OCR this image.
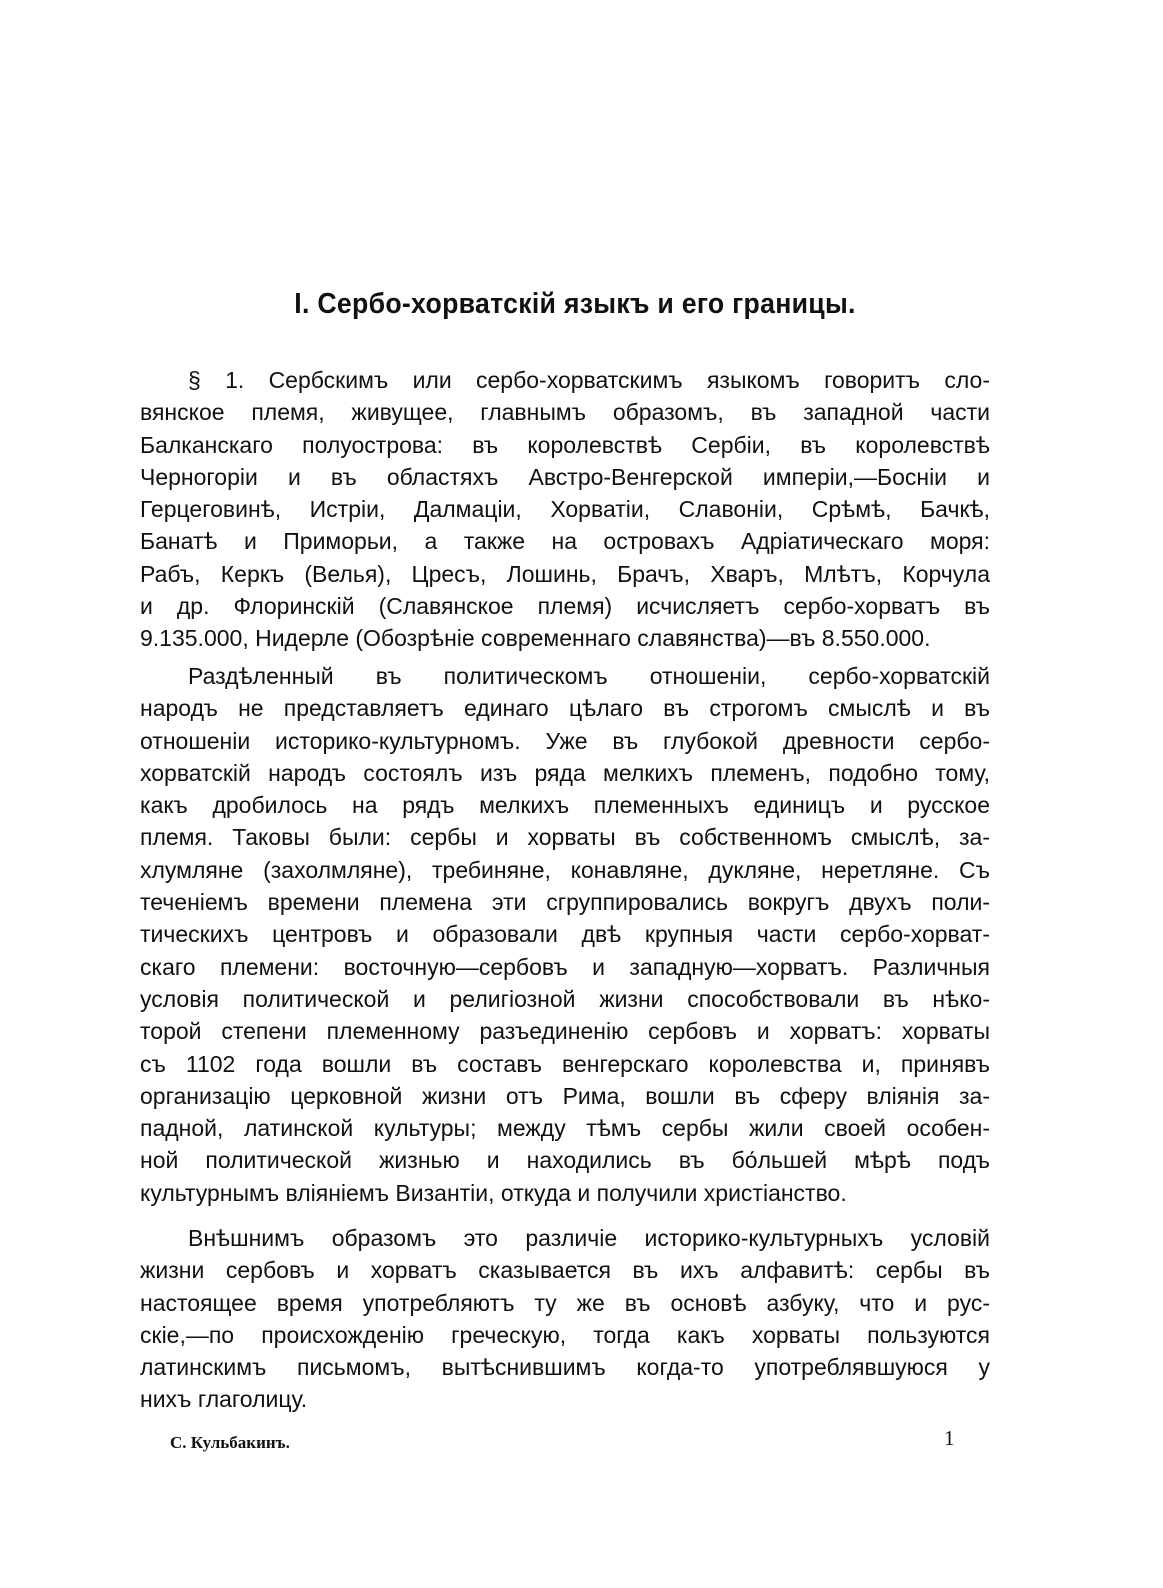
I. Сербо-хорватскій языкъ и его границы.
§ 1. Сербскимъ или сербо-хорватскимъ языкомъ говоритъ сло-
вянское племя, живущее, главнымъ образомъ, въ западной части
Балканскаго полуострова: въ королевствѣ Сербіи, въ королевствѣ
Черногоріи и въ областяхъ Австро-Венгерской имперіи,—Босніи и
Герцеговинѣ, Истріи, Далмаціи, Хорватіи, Славоніи, Срѣмѣ, Бачкѣ,
Банатѣ и Приморьи, а также на островахъ Адріатическаго моря:
Рабъ, Керкъ (Велья), Цресъ, Лошинь, Брачъ, Хваръ, Млѣтъ, Корчула
и др. Флоринскій (Славянское племя) исчисляетъ сербо-хорватъ въ
9.135.000, Нидерле (Обозрѣніе современнаго славянства)—въ 8.550.000.
Раздѣленный въ политическомъ отношеніи, сербо-хорватскій
народъ не представляетъ единаго цѣлаго въ строгомъ смыслѣ и въ
отношеніи историко-культурномъ. Уже въ глубокой древности сербо-
хорватскій народъ состоялъ изъ ряда мелкихъ племенъ, подобно тому,
какъ дробилось на рядъ мелкихъ племенныхъ единицъ и русское
племя. Таковы были: сербы и хорваты въ собственномъ смыслѣ, за-
хлумляне (захолмляне), требиняне, конавляне, дукляне, неретляне. Съ
теченіемъ времени племена эти сгруппировались вокругъ двухъ поли-
тическихъ центровъ и образовали двѣ крупныя части сербо-хорват-
скаго племени: восточную—сербовъ и западную—хорватъ. Различныя
условія политической и религіозной жизни способствовали въ нѣко-
торой степени племенному разъединенію сербовъ и хорватъ: хорваты
съ 1102 года вошли въ составъ венгерскаго королевства и, принявъ
организацію церковной жизни отъ Рима, вошли въ сферу вліянія за-
падной, латинской культуры; между тѣмъ сербы жили своей особен-
ной политической жизнью и находились въ бо́льшей мѣрѣ подъ
культурнымъ вліяніемъ Византіи, откуда и получили христіанство.
Внѣшнимъ образомъ это различіе историко-культурныхъ условій
жизни сербовъ и хорватъ сказывается въ ихъ алфавитѣ: сербы въ
настоящее время употребляютъ ту же въ основѣ азбуку, что и рус-
скіе,—по происхожденію греческую, тогда какъ хорваты пользуются
латинскимъ письмомъ, вытѣснившимъ когда-то употреблявшуюся у
нихъ глаголицу.
С. Кульбакинъ.	1
